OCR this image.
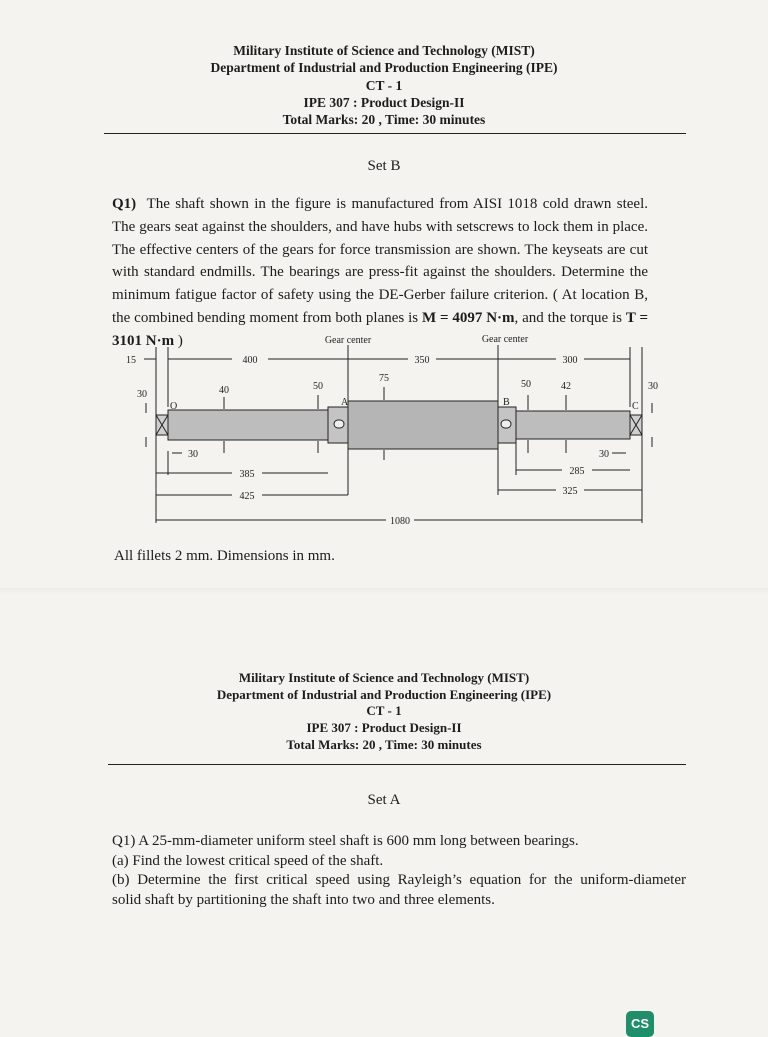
Military Institute of Science and Technology (MIST)
Department of Industrial and Production Engineering (IPE)
CT - 1
IPE 307 : Product Design-II
Total Marks: 20 , Time: 30 minutes
Set B
Q1) The shaft shown in the figure is manufactured from AISI 1018 cold drawn steel. The gears seat against the shoulders, and have hubs with setscrews to lock them in place. The effective centers of the gears for force transmission are shown. The keyseats are cut with standard endmills. The bearings are press-fit against the shoulders. Determine the minimum fatigue factor of safety using the DE-Gerber failure criterion. ( At location B, the combined bending moment from both planes is M = 4097 N·m, and the torque is T = 3101 N·m )	Gear center	Gear center
15	400	350	300
30	40	50
75
50	42	30
30	30
385
425
285
325
1080
O	A	B	C
All fillets 2 mm. Dimensions in mm.
Military Institute of Science and Technology (MIST)
Department of Industrial and Production Engineering (IPE)
CT - 1
IPE 307 : Product Design-II
Total Marks: 20 , Time: 30 minutes
Set A
Q1) A 25-mm-diameter uniform steel shaft is 600 mm long between bearings.
(a) Find the lowest critical speed of the shaft.
(b) Determine the first critical speed using Rayleigh’s equation for the uniform-diameter
solid shaft by partitioning the shaft into two and three elements.
CS
